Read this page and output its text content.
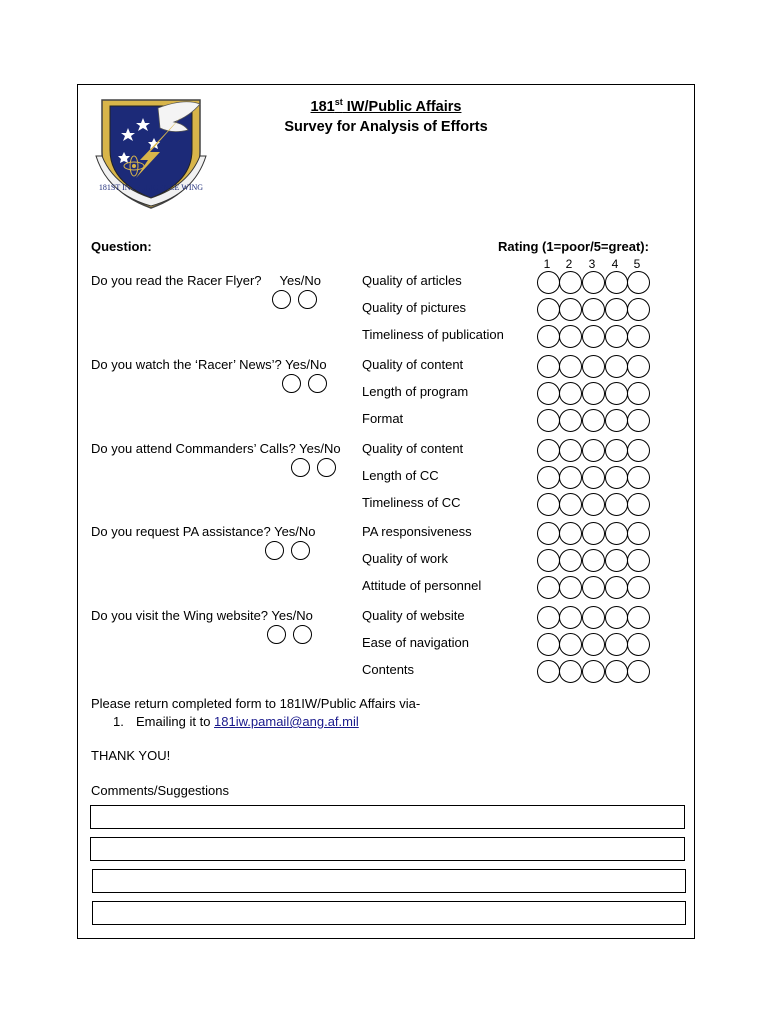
181ST INTELLIGENCE WING
181st IW/Public Affairs
Survey for Analysis of Efforts
Question:	Rating (1=poor/5=great):
1	2	3	4	5
Do you read the Racer Flyer? Yes/No	Quality of articles
Quality of pictures
Timeliness of publication
Do you watch the ‘Racer’ News’? Yes/No	Quality of content
Length of program
Format
Do you attend Commanders’ Calls? Yes/No Quality of content
Length of CC
Timeliness of CC
Do you request PA assistance? Yes/No	PA responsiveness
Quality of work
Attitude of personnel
Do you visit the Wing website? Yes/No	Quality of website
Ease of navigation
Contents
Please return completed form to 181IW/Public Affairs via-
1. Emailing it to 181iw.pamail@ang.af.mil
THANK YOU!
Comments/Suggestions
